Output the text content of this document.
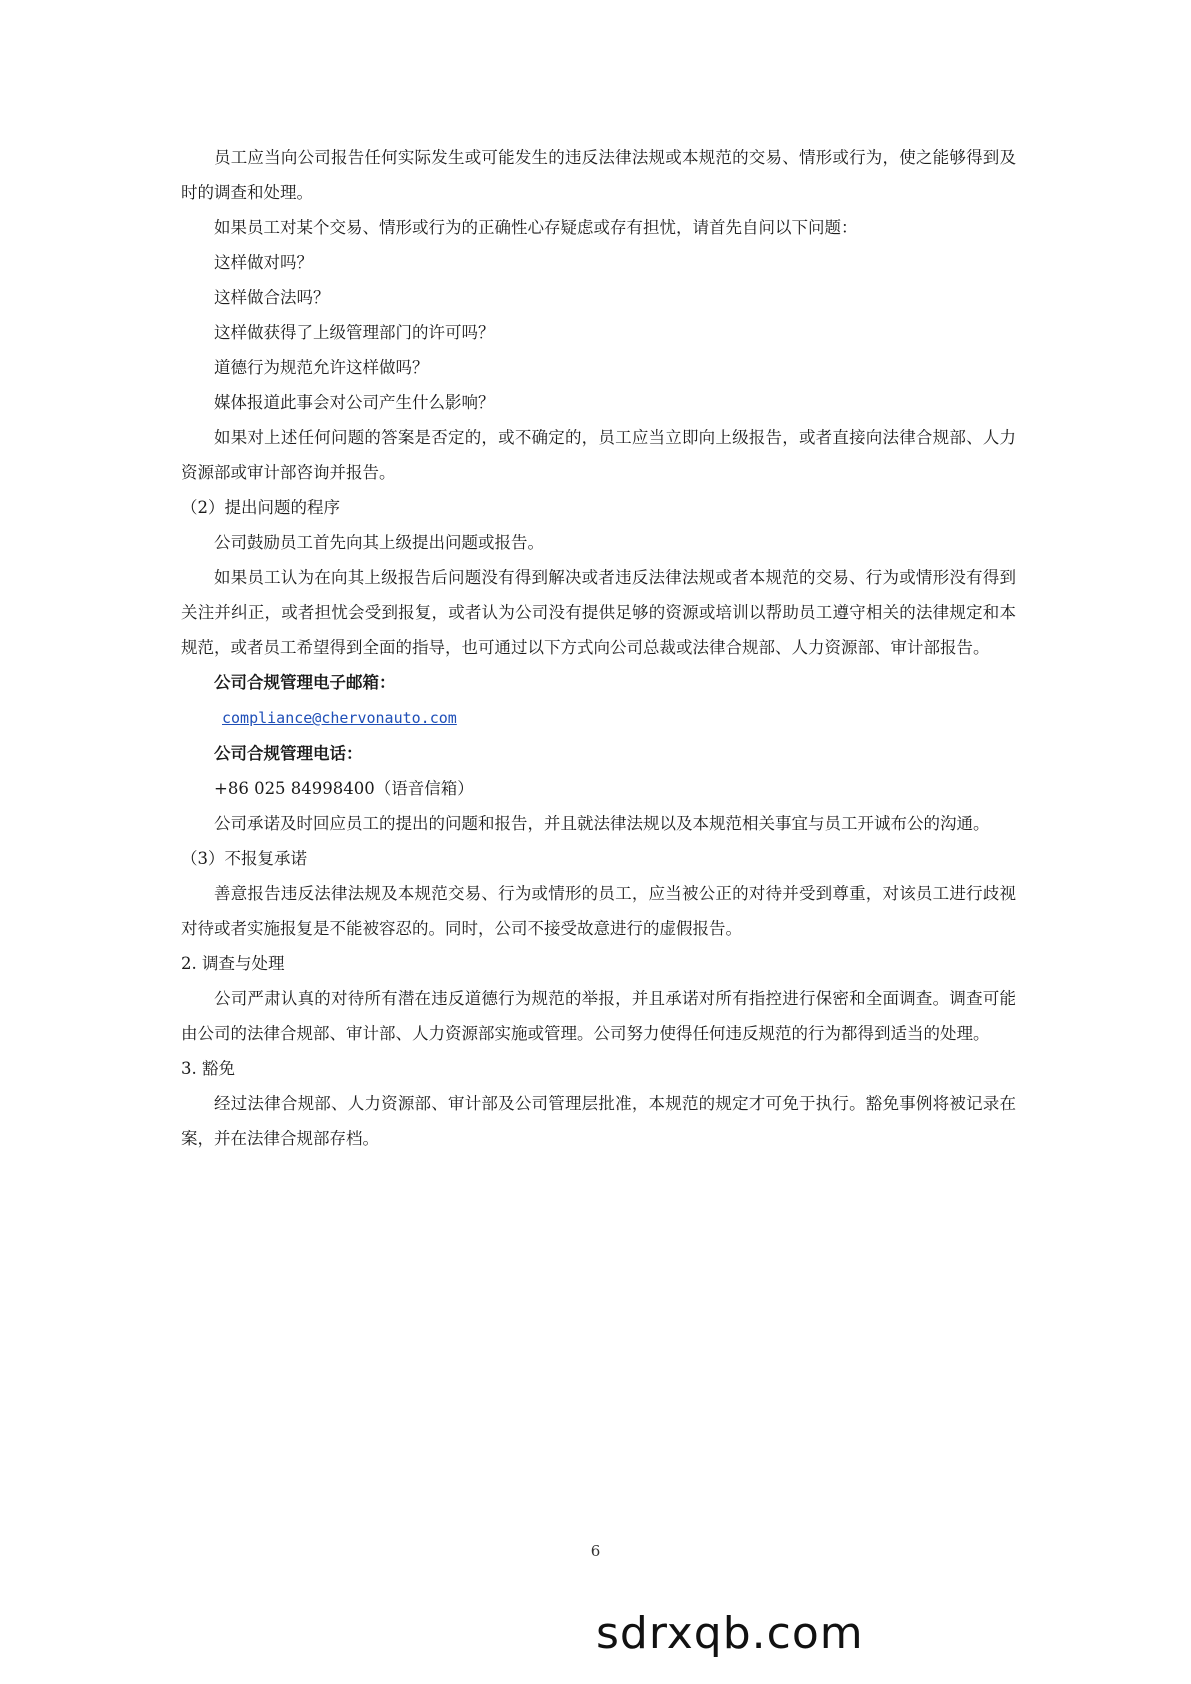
员工应当向公司报告任何实际发生或可能发生的违反法律法规或本规范的交易、情形或行为，使之能够得到及时的调查和处理。

如果员工对某个交易、情形或行为的正确性心存疑虑或存有担忧，请首先自问以下问题：

这样做对吗？

这样做合法吗？

这样做获得了上级管理部门的许可吗？

道德行为规范允许这样做吗？

媒体报道此事会对公司产生什么影响？

如果对上述任何问题的答案是否定的，或不确定的，员工应当立即向上级报告，或者直接向法律合规部、人力资源部或审计部咨询并报告。

（2）提出问题的程序

公司鼓励员工首先向其上级提出问题或报告。

如果员工认为在向其上级报告后问题没有得到解决或者违反法律法规或者本规范的交易、行为或情形没有得到关注并纠正，或者担忧会受到报复，或者认为公司没有提供足够的资源或培训以帮助员工遵守相关的法律规定和本规范，或者员工希望得到全面的指导，也可通过以下方式向公司总裁或法律合规部、人力资源部、审计部报告。

公司合规管理电子邮箱：

compliance@chervonauto.com

公司合规管理电话：

+86 025 84998400（语音信箱）

公司承诺及时回应员工的提出的问题和报告，并且就法律法规以及本规范相关事宜与员工开诚布公的沟通。

（3）不报复承诺

善意报告违反法律法规及本规范交易、行为或情形的员工，应当被公正的对待并受到尊重，对该员工进行歧视对待或者实施报复是不能被容忍的。同时，公司不接受故意进行的虚假报告。

2. 调查与处理

公司严肃认真的对待所有潜在违反道德行为规范的举报，并且承诺对所有指控进行保密和全面调查。调查可能由公司的法律合规部、审计部、人力资源部实施或管理。公司努力使得任何违反规范的行为都得到适当的处理。

3. 豁免

经过法律合规部、人力资源部、审计部及公司管理层批准，本规范的规定才可免于执行。豁免事例将被记录在案，并在法律合规部存档。

6
sdrxqb.com
